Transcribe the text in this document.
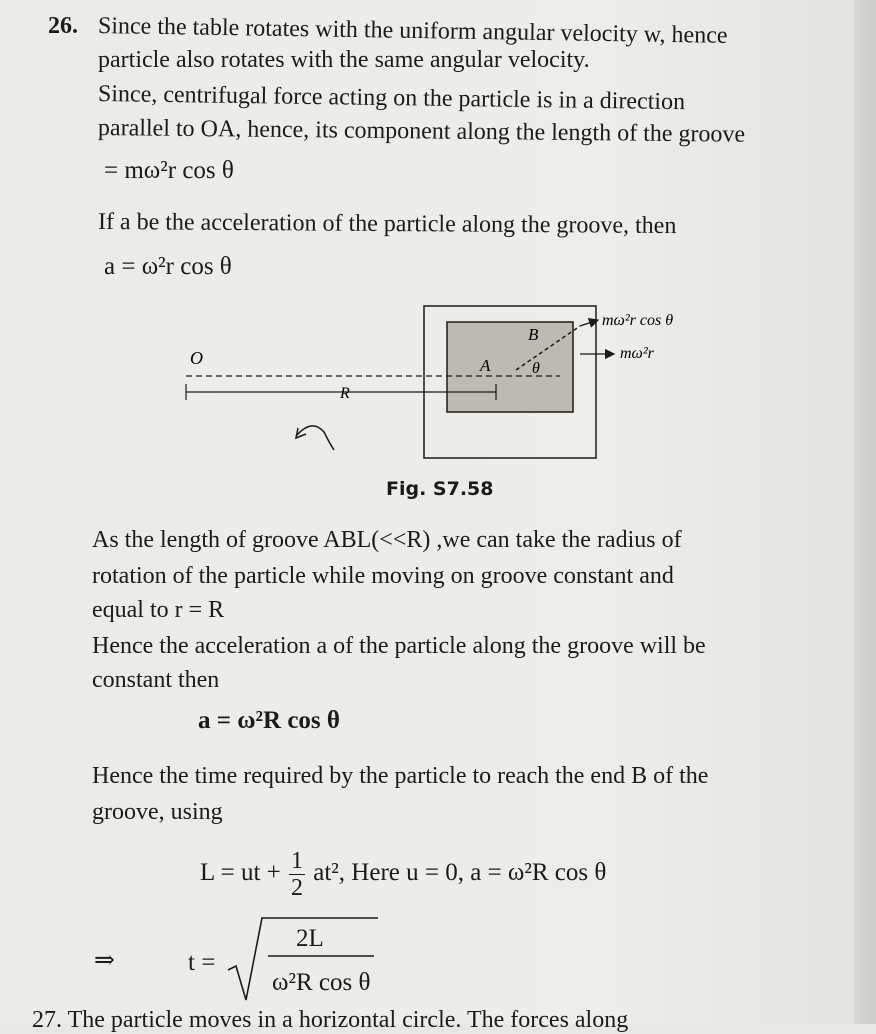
26. Since the table rotates with the uniform angular velocity w, hence
particle also rotates with the same angular velocity.
Since, centrifugal force acting on the particle is in a direction
parallel to OA, hence, its component along the length of the groove
= mω²r cos θ
If a be the acceleration of the particle along the groove, then
a = ω²r cos θ
O
R
A
B
θ
mω²r cos θ
mω²r
Fig. S7.58
As the length of groove ABL(<<R) ,we can take the radius of
rotation of the particle while moving on groove constant and
equal to r = R
Hence the acceleration a of the particle along the groove will be
constant then
a = ω²R cos θ
Hence the time required by the particle to reach the end B of the
groove, using
L = ut + $\frac{1}{2} at^2$, Here u = 0, a = ω²R cos θ
⇒	t =
2L
ω²R cos θ
27. The particle moves in a horizontal circle. The forces along
